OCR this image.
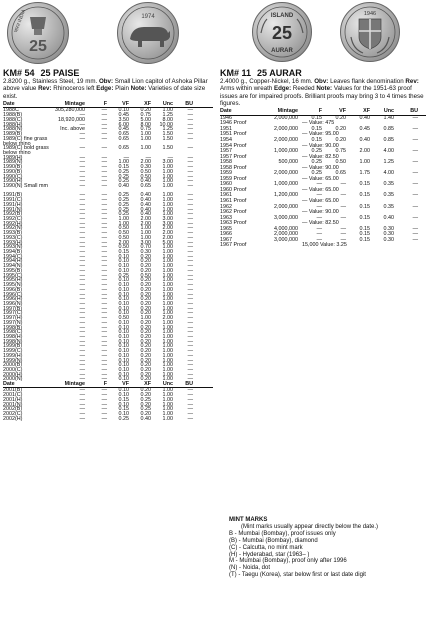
25
भारत INDIA	1974
KM# 54 25 PAISE
2.8200 g., Stainless Steel, 19 mm. Obv: Small Lion capitol of Ashoka Pillar above value Rev: Rhinoceros left Edge: Plain Note: Varieties of date size exist.
Date	Mintage	F	VF	XF	Unc	BU
1988C	305,280,000	—	0.10	0.20	1.00	—
1988(B)	—	—	0.45	0.75	1.25	—
1988(C)	18,920,000	—	3.50	5.00	8.00	—
1988(H)	—	—	6.00	8.00	10.00	—
1988(N)	Inc. above	—	0.45	0.75	1.25	—
1989(B)	—	—	0.65	1.00	1.50	—
1989(C) fine grass below rhino
—	—	0.65	1.00	1.50	—
1989(C) bold grass below rhino
—	—	0.65	1.00	1.50	—
1989(H)	—	—	—	—	—	—
1989(N)	—	—	1.00	2.00	3.00	—
1990(B)	—	—	0.15	0.30	1.00	—
1990(B)	—	—	0.25	0.50	1.00	—
1990(C)	—	—	0.25	0.50	1.00	—
1990(H)	—	—	0.25	0.40	1.00	—
1990(N) Small mm	—	—	0.40	0.65	1.00	—
1991(B)	—	—	0.25	0.40	1.00	—
1991(C)	—	—	0.25	0.40	1.00	—
1991(H)	—	—	0.25	0.40	1.00	—
1991(N)	—	—	0.25	0.40	1.00	—
1992(B)	—	—	0.25	0.40	1.00	—
1992(C)	—	—	1.00	2.00	3.00	—
1992(H)	—	—	1.00	2.00	3.00	—
1992(N)	—	—	0.50	1.00	2.00	—
1993(B)	—	—	0.50	1.00	2.00	—
1993(C)	—	—	0.50	1.00	2.00	—
1993(H)	—	—	2.00	3.00	5.00	—
1993(N)	—	—	0.50	0.70	1.00	—
1994(B)	—	—	0.15	0.30	1.00	—
1994(C)	—	—	0.10	0.20	1.00	—
1994(H)	—	—	0.10	0.20	1.00	—
1994(N)	—	—	0.10	0.20	1.00	—
1995(B)	—	—	0.10	0.20	1.00	—
1995(C)	—	—	0.25	0.50	1.00	—
1995(H)	—	—	0.10	0.20	1.00	—
1995(N)	—	—	0.10	0.20	1.00	—
1996(B)	—	—	0.10	0.20	1.00	—
1996(C)	—	—	0.10	0.20	1.00	—
1996(H)	—	—	0.10	0.20	1.00	—
1996(N)	—	—	0.10	0.20	1.00	—
1997(B)	—	—	0.10	0.20	1.00	—
1997(C)	—	—	0.10	0.20	1.00	—
1997(H)	—	—	0.50	1.00	2.00	—
1997(N)	—	—	0.10	0.20	1.00	—
1998(B)	—	—	0.10	0.20	1.00	—
1998(C)	—	—	0.10	0.20	1.00	—
1998(H)	—	—	0.10	0.20	1.00	—
1998(N)	—	—	0.10	0.20	1.00	—
1999(B)	—	—	0.10	0.20	1.00	—
1999(C)	—	—	0.10	0.20	1.00	—
1999(H)	—	—	0.10	0.20	1.00	—
1999(N)	—	—	0.10	0.20	1.00	—
2000(B)	—	—	0.10	0.20	1.00	—
2000(C)	—	—	0.10	0.20	1.00	—
2000(H)	—	—	0.10	0.20	1.00	—
2000(N)	—	—	0.10	0.20	1.00	—
Date	Mintage	F	VF	XF	Unc	BU
2001(B)	—	—	0.10	0.20	1.00	—
2001(C)	—	—	0.10	0.20	1.00	—
2001(H)	—	—	0.15	0.25	1.00	—
2001(N)	—	—	0.10	0.20	1.00	—
2002(B)	—	—	0.15	0.25	1.00	—
2002(C)	—	—	0.10	0.20	1.00	—
2002(H)	—	—	0.25	0.40	1.00	—
ISLAND
25
AURAR
1946
KM# 11 25 AURAR
2.4000 g., Copper-Nickel, 16 mm. Obv: Leaves flank denomination Rev: Arms within wreath Edge: Reeded Note: Values for the 1951-63 proof issues are for impaired proofs. Brilliant proofs may bring 3 to 4 times these figures.
Date	Mintage	F	VF	XF	Unc	BU
1946	2,000,000	0.15	0.20	0.40	1.40	—
1946 Proof	— Value: 475
1951	2,000,000	0.15	0.20	0.45	0.85	—
1951 Proof	— Value: 95.00
1954	2,000,000	0.15	0.20	0.40	0.85	—
1954 Proof	— Value: 90.00
1957	1,000,000	0.25	0.75	2.00	4.00	—
1957 Proof	— Value: 82.50
1958	500,000	0.25	0.50	1.00	1.25	—
1958 Proof	— Value: 90.00
1959	2,000,000	0.25	0.65	1.75	4.00	—
1959 Proof	— Value: 65.00
1960	1,000,000	—	—	0.15	0.35	—
1960 Proof	— Value: 65.00
1961	1,200,000	—	—	0.15	0.35	—
1961 Proof	— Value: 65.00
1962	2,000,000	—	—	0.15	0.35	—
1962 Proof	— Value: 90.00
1963	3,000,000	—	—	0.15	0.40	—
1963 Proof	— Value: 82.50
1965	4,000,000	—	—	0.15	0.30	—
1966	2,000,000	—	—	0.15	0.30	—
1967	3,000,000	—	—	0.15	0.30	—
1967 Proof	15,000 Value: 3.25
MINT MARKS
(Mint marks usually appear directly below the date.)
B - Mumbai (Bombay), proof issues only
(B) - Mumbai (Bombay), diamond
(C) - Calcutta, no mint mark
(H) - Hyderabad, star (1963– )
M - Mumbai (Bombay), proof only after 1996
(N) - Noida, dot
(T) - Taegu (Korea), star below first or last date digit
